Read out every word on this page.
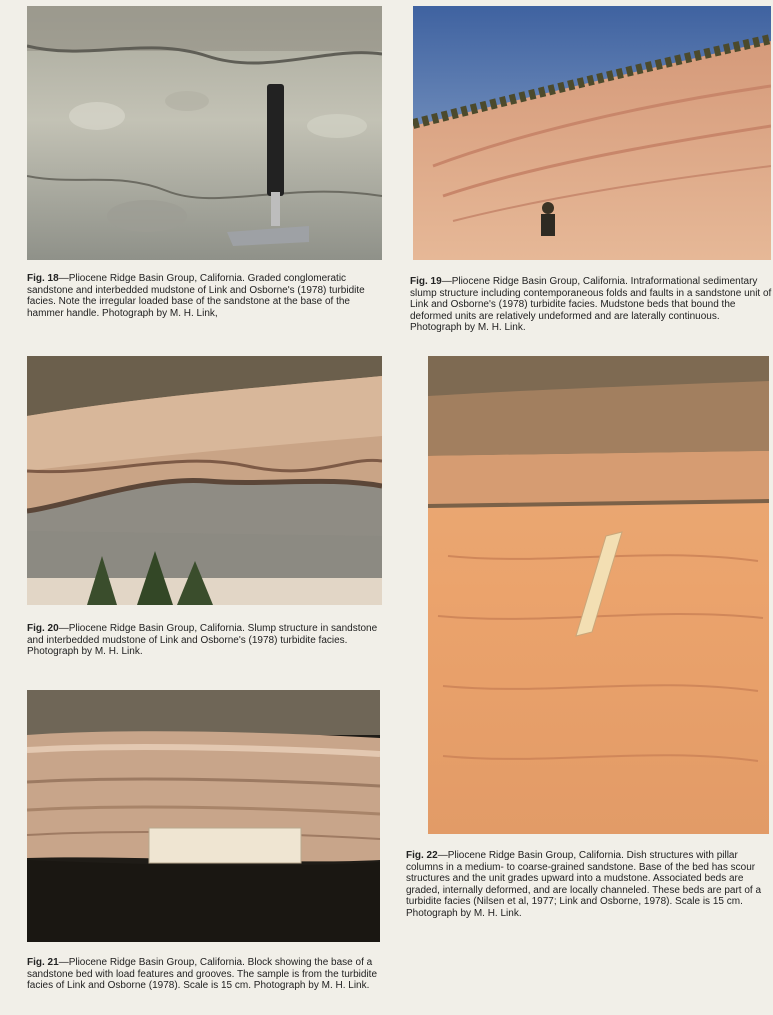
Fig. 18—Pliocene Ridge Basin Group, California. Graded conglomeratic sandstone and interbedded mudstone of Link and Osborne's (1978) turbidite facies. Note the irregular loaded base of the sandstone at the base of the hammer handle. Photograph by M. H. Link,
Fig. 19—Pliocene Ridge Basin Group, California. Intraformational sedimentary slump structure including contemporaneous folds and faults in a sandstone unit of Link and Osborne's (1978) turbidite facies. Mudstone beds that bound the deformed units are relatively undeformed and are laterally continuous. Photograph by M. H. Link.
Fig. 20—Pliocene Ridge Basin Group, California. Slump structure in sandstone and interbedded mudstone of Link and Osborne's (1978) turbidite facies. Photograph by M. H. Link.
Fig. 21—Pliocene Ridge Basin Group, California. Block showing the base of a sandstone bed with load features and grooves. The sample is from the turbidite facies of Link and Osborne (1978). Scale is 15 cm. Photograph by M. H. Link.
Fig. 22—Pliocene Ridge Basin Group, California. Dish structures with pillar columns in a medium- to coarse-grained sandstone. Base of the bed has scour structures and the unit grades upward into a mudstone. Associated beds are graded, internally deformed, and are locally channeled. These beds are part of a turbidite facies (Nilsen et al, 1977; Link and Osborne, 1978). Scale is 15 cm. Photograph by M. H. Link.
